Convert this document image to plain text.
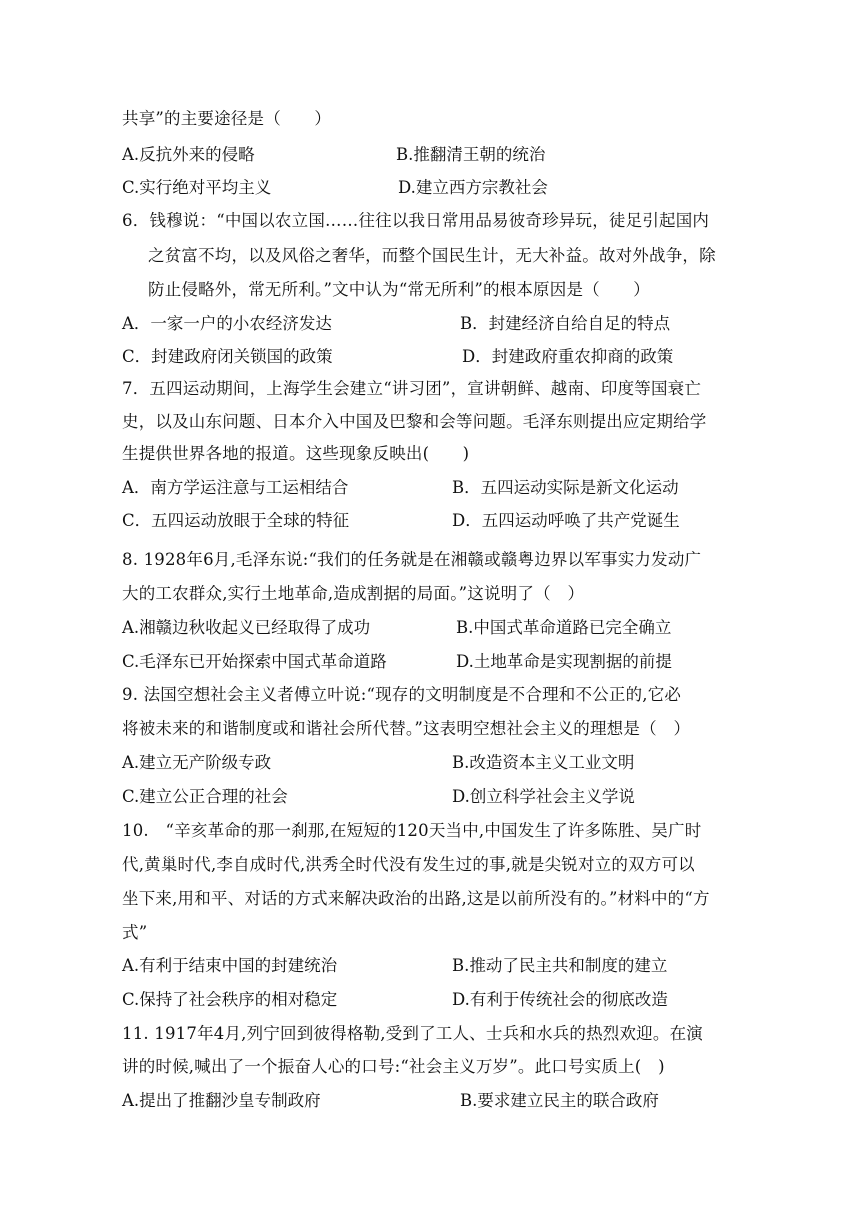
共享”的主要途径是（　　）
A.反抗外来的侵略	B.推翻清王朝的统治
C.实行绝对平均主义	D.建立西方宗教社会
6．钱穆说：“中国以农立国……往往以我日常用品易彼奇珍异玩，徒足引起国内
之贫富不均，以及风俗之奢华，而整个国民生计，无大补益。故对外战争，除
防止侵略外，常无所利。”文中认为“常无所利”的根本原因是（　　）
A．一家一户的小农经济发达	B．封建经济自给自足的特点
C．封建政府闭关锁国的政策	D．封建政府重农抑商的政策
7．五四运动期间，上海学生会建立“讲习团”，宣讲朝鲜、越南、印度等国衰亡
史，以及山东问题、日本介入中国及巴黎和会等问题。毛泽东则提出应定期给学
生提供世界各地的报道。这些现象反映出(　　)
A．南方学运注意与工运相结合	B．五四运动实际是新文化运动
C．五四运动放眼于全球的特征	D．五四运动呼唤了共产党诞生
8. 1928年6月,毛泽东说:“我们的任务就是在湘赣或赣粤边界以军事实力发动广
大的工农群众,实行土地革命,造成割据的局面。”这说明了（　）
A.湘赣边秋收起义已经取得了成功	B.中国式革命道路已完全确立
C.毛泽东已开始探索中国式革命道路	D.土地革命是实现割据的前提
9. 法国空想社会主义者傅立叶说:“现存的文明制度是不合理和不公正的,它必
将被未来的和谐制度或和谐社会所代替。”这表明空想社会主义的理想是（　）
A.建立无产阶级专政	B.改造资本主义工业文明
C.建立公正合理的社会	D.创立科学社会主义学说
10.　“辛亥革命的那一刹那,在短短的120天当中,中国发生了许多陈胜、吴广时
代,黄巢时代,李自成时代,洪秀全时代没有发生过的事,就是尖锐对立的双方可以
坐下来,用和平、对话的方式来解决政治的出路,这是以前所没有的。”材料中的“方
式”
A.有利于结束中国的封建统治	B.推动了民主共和制度的建立
C.保持了社会秩序的相对稳定	D.有利于传统社会的彻底改造
11. 1917年4月,列宁回到彼得格勒,受到了工人、士兵和水兵的热烈欢迎。在演
讲的时候,喊出了一个振奋人心的口号:“社会主义万岁”。此口号实质上(　)
A.提出了推翻沙皇专制政府	B.要求建立民主的联合政府
